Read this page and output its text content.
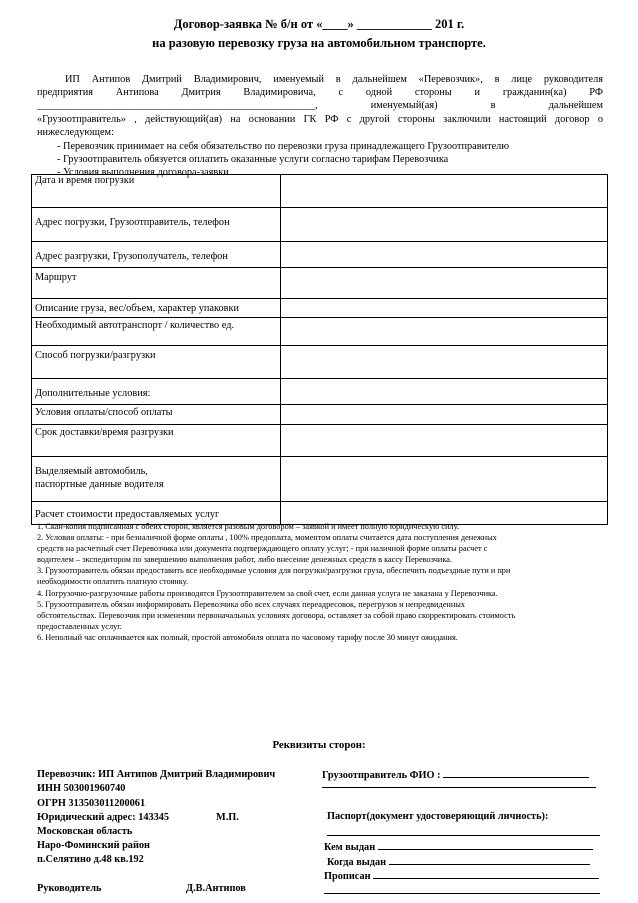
Договор-заявка № б/н от «____» ____________ 201 г.
на разовую перевозку груза на автомобильном транспорте.
ИП Антипов Дмитрий Владимирович, именуемый в дальнейшем «Перевозчик», в лице руководителя
предприятия Антипова Дмитрия Владимировича, с одной стороны и гражданин(ка) РФ
______________________________________________________, именуемый(ая) в дальнейшем
«Грузоотправитель» , действующий(ая) на основании ГК РФ с другой стороны заключили настоящий договор о
нижеследующем:
- Перевозчик принимает на себя обязательство по перевозки груза принадлежащего Грузоотправителю
- Грузоотправитель обязуется оплатить оказанные услуги согласно тарифам Перевозчика
- Условия выполнения договора-заявки
Дата и время погрузки	
Адрес погрузки, Грузоотправитель, телефон	
Адрес разгрузки, Грузополучатель, телефон	
Маршрут	
Описание груза, вес/объем, характер упаковки	
Необходимый автотранспорт / количество ед.	
Способ погрузки/разгрузки	
Дополнительные условия:	
Условия оплаты/способ оплаты	
Срок доставки/время разгрузки	

Выделяемый автомобиль,
паспортные данные водителя	

Расчет стоимости предоставляемых услуг	
1. Скан-копия подписанная с обеих сторон, является разовым договором – заявкой и имеет полную юридическую силу.
2. Условия оплаты: - при безналичной форме оплаты , 100% предоплата, моментом оплаты считается дата поступления денежных
средств на расчетный счет Перевозчика или документа подтверждающего оплату услуг; - при наличной форме оплаты расчет с
водителем – экспедитором по завершению выполнения работ, либо внесение денежных средств в кассу Перевозчика.
3. Грузоотправитель обязан предоставить все необходимые условия для погрузки/разгрузки груза, обеспечить подъездные пути и при
необходимости оплатить платную стоянку.
4. Погрузочно-разгрузочные работы производятся Грузоотправителем за свой счет, если данная услуга не заказана у Перевозчика.
5. Грузоотправитель обязан информировать Перевозчика обо всех случаях переадресовок, перегрузов и непредвиденных
обстоятельствах. Перевозчик при изменении первоначальных условиях договора, оставляет за собой право скорректировать стоимость
предоставленных услуг.
6. Неполный час оплачивается как полный, простой автомобиля оплата по часовому тарифу после 30 минут ожидания.
Реквизиты сторон:
Перевозчик: ИП Антипов Дмитрий Владимирович
ИНН 503001960740
ОГРН 313503011200061
Юридический адрес: 143345	М.П.
Московская область
Наро-Фоминский район
п.Селятино д.48 кв.192
Руководитель	Д.В.Антипов
Грузоотправитель ФИО :
Паспорт(документ удостоверяющий личность):
Кем выдан
Когда выдан
Прописан
